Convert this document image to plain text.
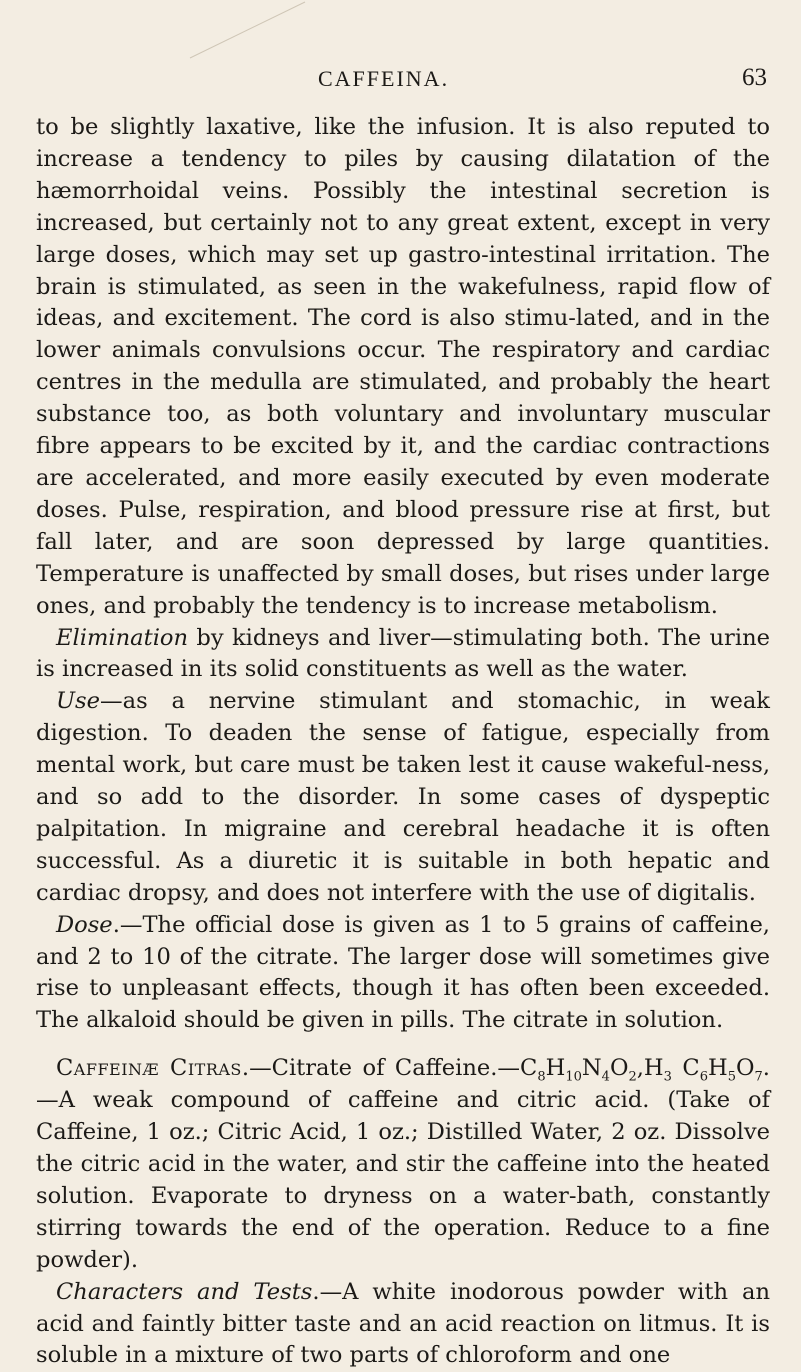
CAFFEINA.	63

to be slightly laxative, like the infusion. It is also reputed to increase a tendency to piles by causing dilatation of the hæmorrhoidal veins. Possibly the intestinal secretion is increased, but certainly not to any great extent, except in very large doses, which may set up gastro-intestinal irritation. The brain is stimulated, as seen in the wakefulness, rapid flow of ideas, and excitement. The cord is also stimu-lated, and in the lower animals convulsions occur. The respiratory and cardiac centres in the medulla are stimulated, and probably the heart substance too, as both voluntary and involuntary muscular fibre appears to be excited by it, and the cardiac contractions are accelerated, and more easily executed by even moderate doses. Pulse, respiration, and blood pressure rise at first, but fall later, and are soon depressed by large quantities. Temperature is unaffected by small doses, but rises under large ones, and probably the tendency is to increase metabolism.

Elimination by kidneys and liver—stimulating both. The urine is increased in its solid constituents as well as the water.

Use—as a nervine stimulant and stomachic, in weak digestion. To deaden the sense of fatigue, especially from mental work, but care must be taken lest it cause wakeful-ness, and so add to the disorder. In some cases of dyspeptic palpitation. In migraine and cerebral headache it is often successful. As a diuretic it is suitable in both hepatic and cardiac dropsy, and does not interfere with the use of digitalis.

Dose.—The official dose is given as 1 to 5 grains of caffeine, and 2 to 10 of the citrate. The larger dose will sometimes give rise to unpleasant effects, though it has often been exceeded. The alkaloid should be given in pills. The citrate in solution.

Caffeinæ Citras.—Citrate of $Caffeine.—C_8H_{10}N_4O_2,H_3$ $C_6H_5O_7.—A$ weak compound of caffeine and citric acid. (Take of Caffeine, 1 oz.; Citric Acid, 1 oz.; Distilled Water, 2 oz. Dissolve the citric acid in the water, and stir the caffeine into the heated solution. Evaporate to dryness on a water-bath, constantly stirring towards the end of the operation. Reduce to a fine powder).

Characters and Tests.—A white inodorous powder with an acid and faintly bitter taste and an acid reaction on litmus. It is soluble in a mixture of two parts of chloroform and one
